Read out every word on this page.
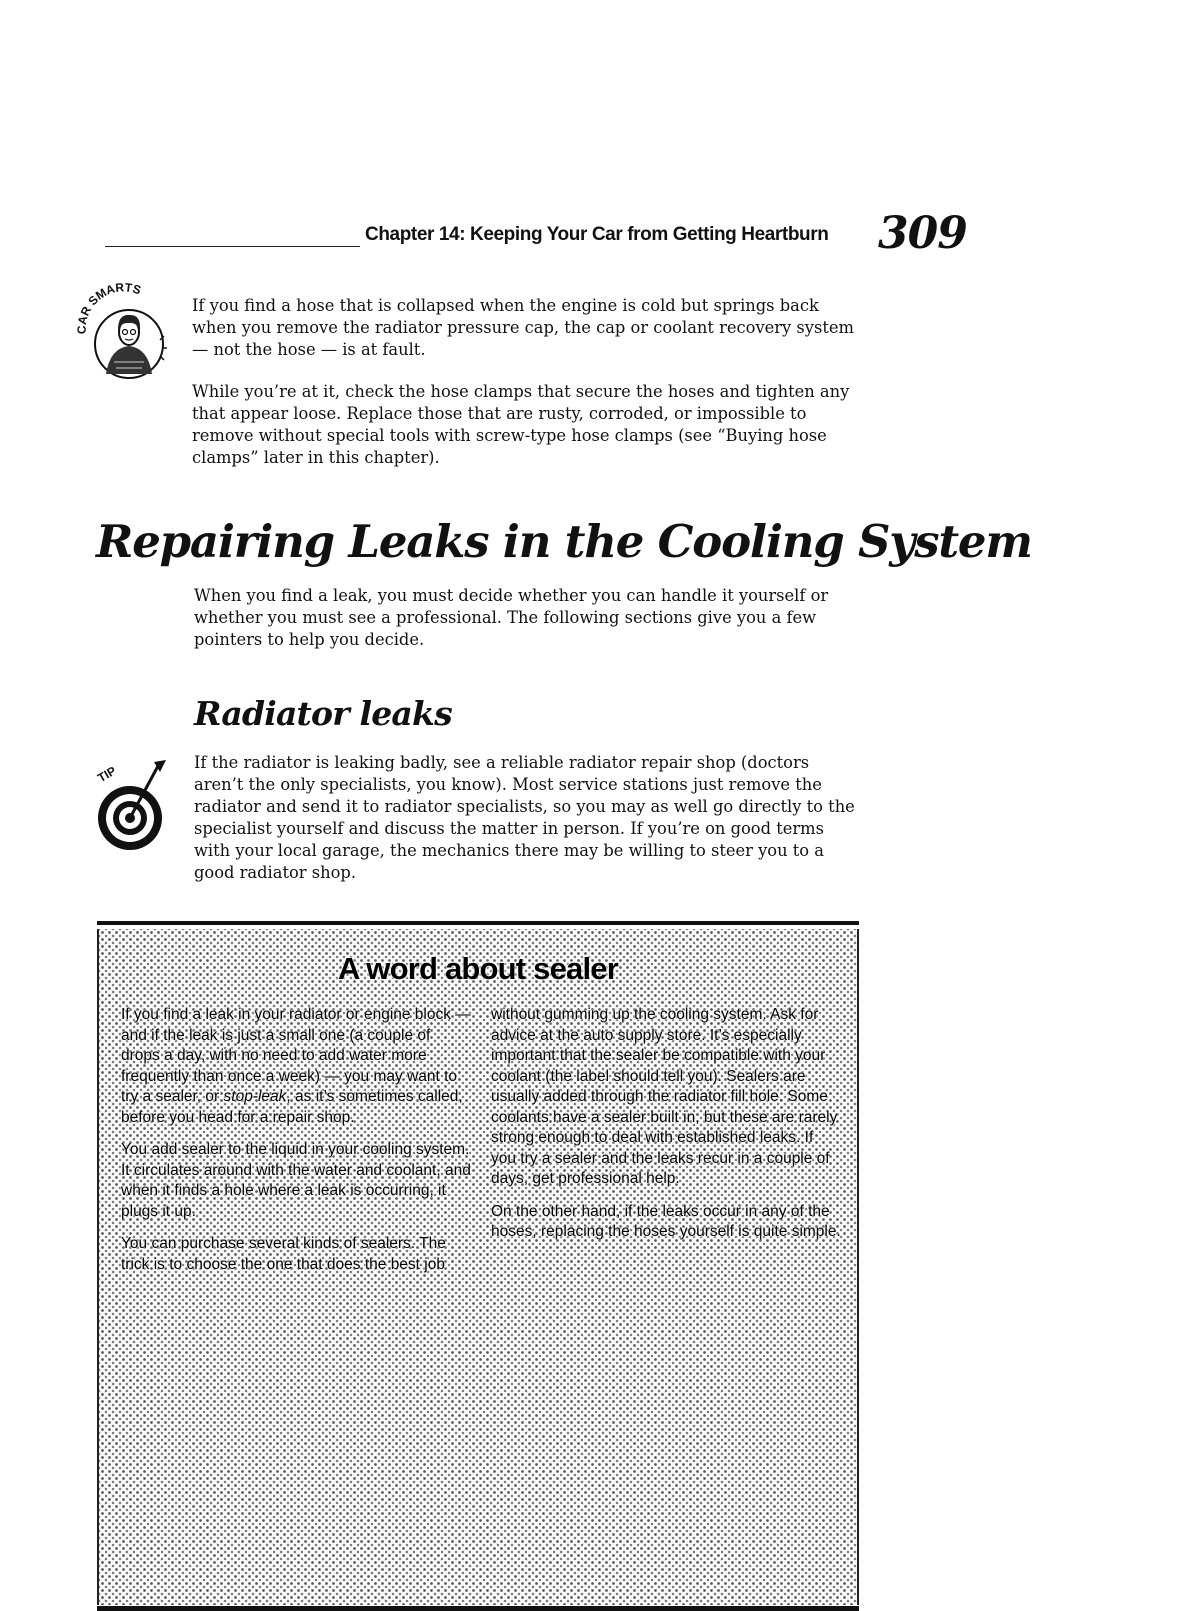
Chapter 14: Keeping Your Car from Getting Heartburn 309
CAR SMARTS

If you find a hose that is collapsed when the engine is cold but springs back when you remove the radiator pressure cap, the cap or coolant recovery system — not the hose — is at fault.

While you’re at it, check the hose clamps that secure the hoses and tighten any that appear loose. Replace those that are rusty, corroded, or impossible to remove without special tools with screw-type hose clamps (see “Buying hose clamps” later in this chapter).

Repairing Leaks in the Cooling System

When you find a leak, you must decide whether you can handle it yourself or whether you must see a professional. The following sections give you a few pointers to help you decide.

Radiator leaks
TIP

If the radiator is leaking badly, see a reliable radiator repair shop (doctors aren’t the only specialists, you know). Most service stations just remove the radiator and send it to radiator specialists, so you may as well go directly to the specialist yourself and discuss the matter in person. If you’re on good terms with your local garage, the mechanics there may be willing to steer you to a good radiator shop.

A word about sealer

If you find a leak in your radiator or engine block — and if the leak is just a small one (a couple of drops a day, with no need to add water more frequently than once a week) — you may want to try a sealer, or stop-leak, as it’s sometimes called, before you head for a repair shop.

You add sealer to the liquid in your cooling system. It circulates around with the water and coolant, and when it finds a hole where a leak is occurring, it plugs it up.

You can purchase several kinds of sealers. The trick is to choose the one that does the best job

without gumming up the cooling system. Ask for advice at the auto supply store. It’s especially important that the sealer be compatible with your coolant (the label should tell you). Sealers are usually added through the radiator fill hole. Some coolants have a sealer built in, but these are rarely strong enough to deal with established leaks. If you try a sealer and the leaks recur in a couple of days, get professional help.

On the other hand, if the leaks occur in any of the hoses, replacing the hoses yourself is quite simple.
